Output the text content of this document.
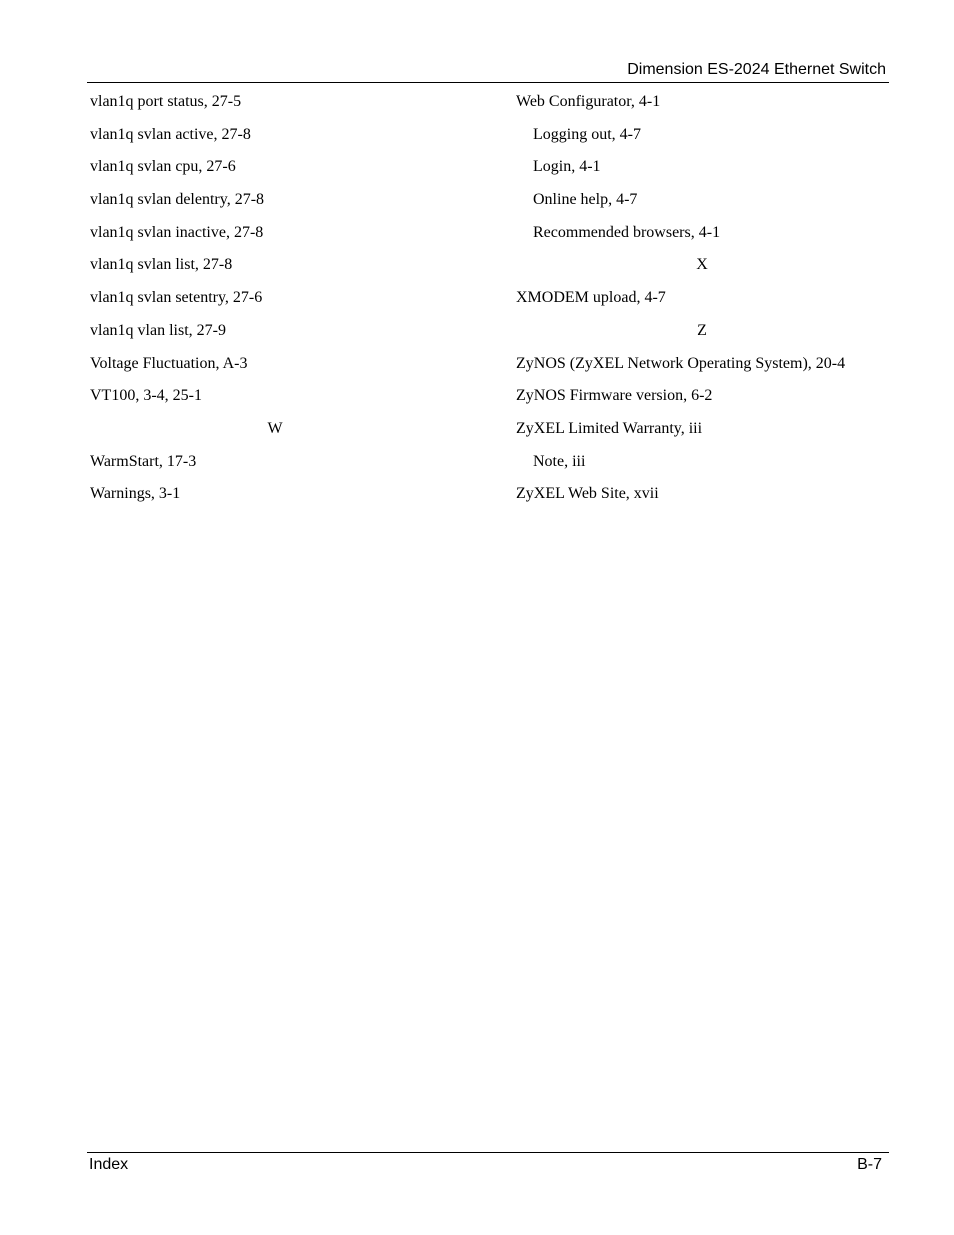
Dimension ES-2024 Ethernet Switch
vlan1q port status, 27-5
vlan1q svlan active, 27-8
vlan1q svlan cpu, 27-6
vlan1q svlan delentry, 27-8
vlan1q svlan inactive, 27-8
vlan1q svlan list, 27-8
vlan1q svlan setentry, 27-6
vlan1q vlan list, 27-9
Voltage Fluctuation, A-3
VT100, 3-4, 25-1
W
WarmStart, 17-3
Warnings, 3-1
Web Configurator, 4-1
Logging out, 4-7
Login, 4-1
Online help, 4-7
Recommended browsers, 4-1
X
XMODEM upload, 4-7
Z
ZyNOS (ZyXEL Network Operating System), 20-4
ZyNOS Firmware version, 6-2
ZyXEL Limited Warranty, iii
Note, iii
ZyXEL Web Site, xvii
Index	B-7
